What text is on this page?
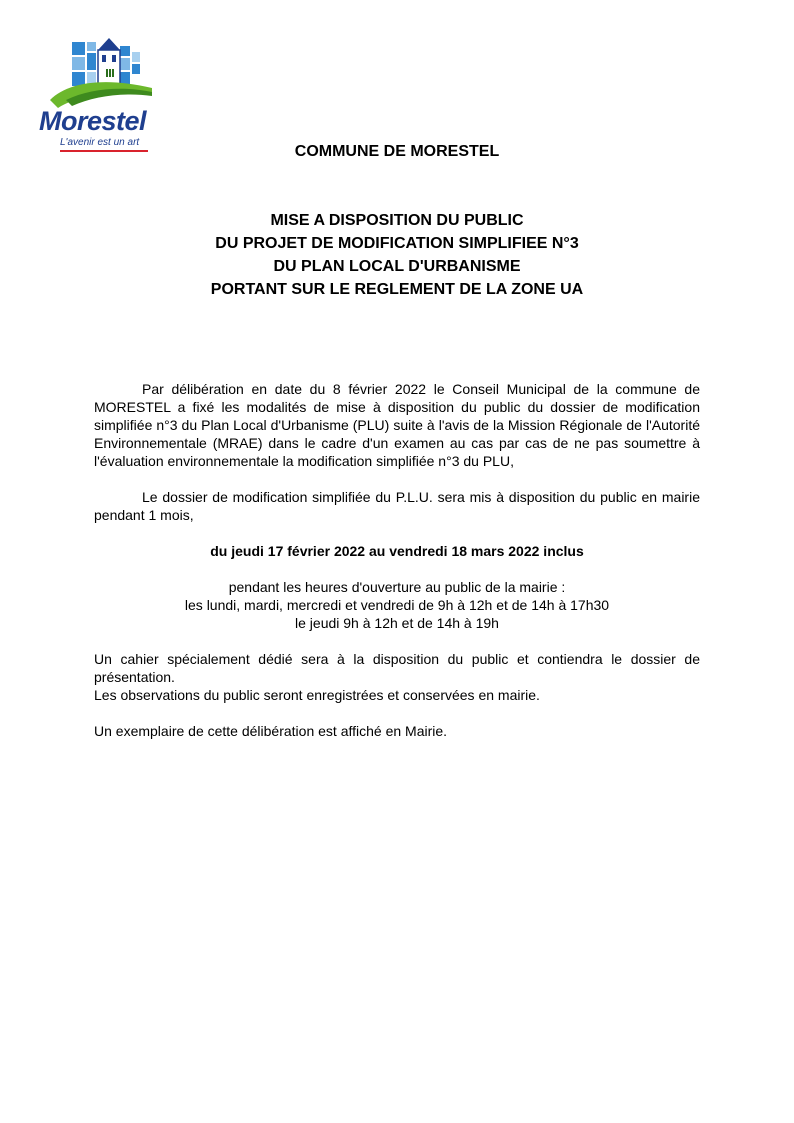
Morestel
L'avenir est un art
COMMUNE DE MORESTEL
MISE A DISPOSITION DU PUBLIC
DU PROJET DE MODIFICATION SIMPLIFIEE N°3
DU PLAN LOCAL D'URBANISME
PORTANT SUR LE REGLEMENT DE LA ZONE UA

Par délibération en date du 8 février 2022 le Conseil Municipal de la commune de MORESTEL a fixé les modalités de mise à disposition du public du dossier de modification simplifiée n°3 du Plan Local d'Urbanisme (PLU) suite à l'avis de la Mission Régionale de l'Autorité Environnementale (MRAE) dans le cadre d'un examen au cas par cas de ne pas soumettre à l'évaluation environnementale la modification simplifiée n°3 du PLU,

Le dossier de modification simplifiée du P.L.U. sera mis à disposition du public en mairie pendant 1 mois,

du jeudi 17 février 2022 au vendredi 18 mars 2022 inclus
pendant les heures d'ouverture au public de la mairie :
les lundi, mardi, mercredi et vendredi de 9h à 12h et de 14h à 17h30
le jeudi 9h à 12h et de 14h à 19h

Un cahier spécialement dédié sera à la disposition du public et contiendra le dossier de présentation.

Les observations du public seront enregistrées et conservées en mairie.

Un exemplaire de cette délibération est affiché en Mairie.
